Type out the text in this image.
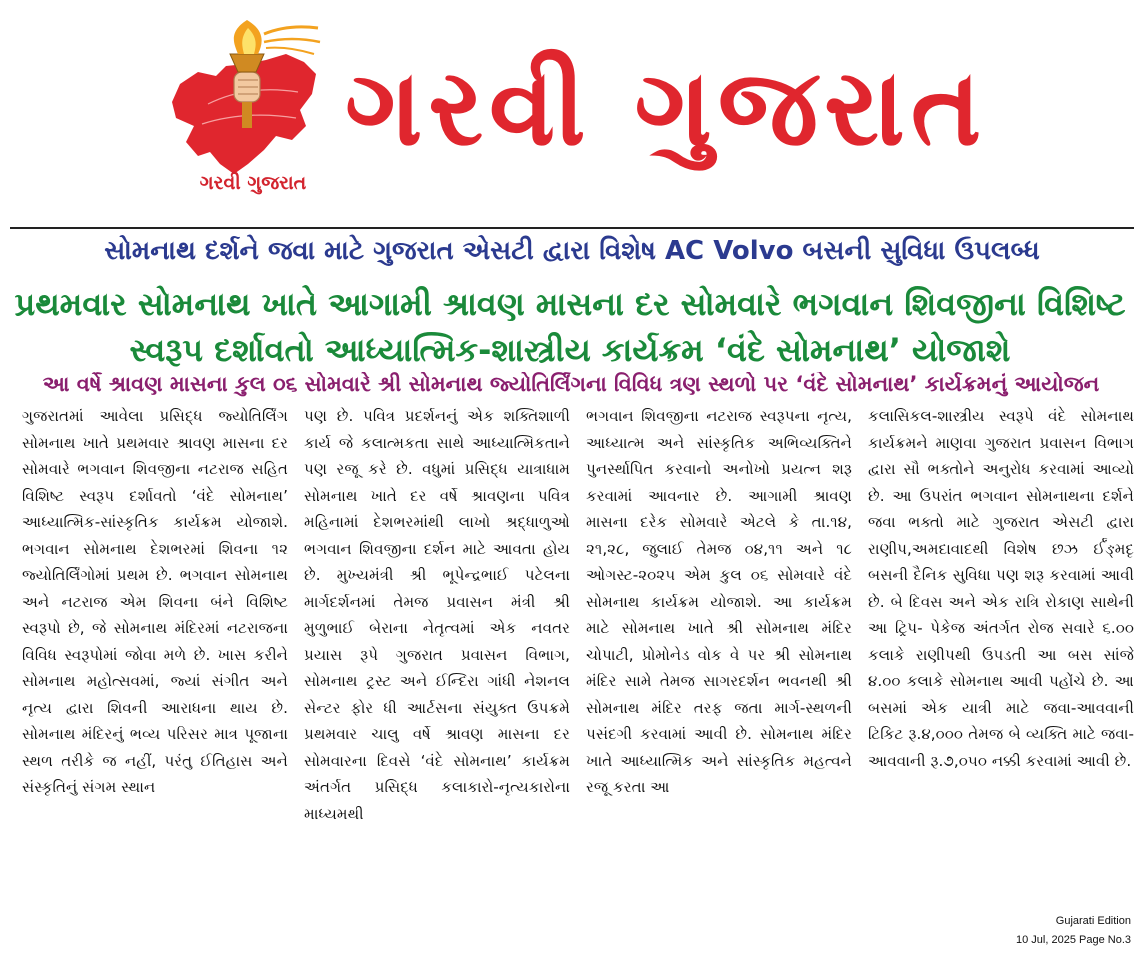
ગરવી ગુજરાત
ગરવી ગુજરાત
સોમનાથ દર્શને જવા માટે ગુજરાત એસટી દ્વારા વિશેષ AC Volvo બસની સુવિધા ઉપલબ્ધ
પ્રથમવાર સોમનાથ ખાતે આગામી શ્રાવણ માસના દર સોમવારે ભગવાન શિવજીના વિશિષ્ટ સ્વરૂપ દર્શાવતો આધ્યાત્મિક-શાસ્ત્રીય કાર્યક્રમ ‘વંદે સોમનાથ’ યોજાશે
આ વર્ષે શ્રાવણ માસના કુલ ૦૬ સોમવારે શ્રી સોમનાથ જ્યોતિર્લિંગના વિવિધ ત્રણ સ્થળો પર ‘વંદે સોમનાથ’ કાર્યક્રમનું આયોજન
ગુજરાતમાં આવેલા પ્રસિદ્ધ જ્યોતિર્લિંગ સોમનાથ ખાતે પ્રથમવાર શ્રાવણ માસના દર સોમવારે ભગવાન શિવજીના નટરાજ સહિત વિશિષ્ટ સ્વરૂપ દર્શાવતો ‘વંદે સોમનાથ’ આધ્યાત્મિક-સાંસ્કૃતિક કાર્યક્રમ યોજાશે. ભગવાન સોમનાથ દેશભરમાં શિવના ૧૨ જ્યોતિર્લિંગોમાં પ્રથમ છે. ભગવાન સોમનાથ અને નટરાજ એમ શિવના બંને વિશિષ્ટ સ્વરૂપો છે, જે સોમનાથ મંદિરમાં નટરાજના વિવિધ સ્વરૂપોમાં જોવા મળે છે. ખાસ કરીને સોમનાથ મહોત્સવમાં, જ્યાં સંગીત અને નૃત્ય દ્વારા શિવની આરાધના થાય છે. સોમનાથ મંદિરનું ભવ્ય પરિસર માત્ર પૂજાના સ્થળ તરીકે જ નહીં, પરંતુ ઈતિહાસ અને સંસ્કૃતિનું સંગમ સ્થાન
પણ છે. પવિત્ર પ્રદર્શનનું એક શક્તિશાળી કાર્ય જે કલાત્મકતા સાથે આધ્યાત્મિકતાને પણ રજૂ કરે છે. વધુમાં પ્રસિદ્ધ યાત્રાધામ સોમનાથ ખાતે દર વર્ષે શ્રાવણના પવિત્ર મહિનામાં દેશભરમાંથી લાખો શ્રદ્ધાળુઓ ભગવાન શિવજીના દર્શન માટે આવતા હોય છે. મુખ્યમંત્રી શ્રી ભૂપેન્દ્રભાઈ પટેલના માર્ગદર્શનમાં તેમજ પ્રવાસન મંત્રી શ્રી મુળુભાઈ બેરાના નેતૃત્વમાં એક નવતર પ્રયાસ રૂપે ગુજરાત પ્રવાસન વિભાગ, સોમનાથ ટ્રસ્ટ અને ઈન્દિરા ગાંધી નેશનલ સેન્ટર ફોર ધી આર્ટસના સંયુક્ત ઉપક્રમે પ્રથમવાર ચાલુ વર્ષે શ્રાવણ માસના દર સોમવારના દિવસે ‘વંદે સોમનાથ’ કાર્યક્રમ અંતર્ગત પ્રસિદ્ધ કલાકારો-નૃત્યકારોના માધ્યમથી
ભગવાન શિવજીના નટરાજ સ્વરૂપના નૃત્ય, આધ્યાત્મ અને સાંસ્કૃતિક અભિવ્યક્તિને પુનર્સ્થાપિત કરવાનો અનોખો પ્રયત્ન શરૂ કરવામાં આવનાર છે. આગામી શ્રાવણ માસના દરેક સોમવારે એટલે કે તા.૧૪, ૨૧,૨૮, જુલાઈ તેમજ ૦૪,૧૧ અને ૧૮ ઓગસ્ટ-૨૦૨૫ એમ કુલ ૦૬ સોમવારે વંદે સોમનાથ કાર્યક્રમ યોજાશે. આ કાર્યક્રમ માટે સોમનાથ ખાતે શ્રી સોમનાથ મંદિર ચોપાટી, પ્રોમોનેડ વોક વે પર શ્રી સોમનાથ મંદિર સામે તેમજ સાગરદર્શન ભવનથી શ્રી સોમનાથ મંદિર તરફ જતા માર્ગ-સ્થળની પસંદગી કરવામાં આવી છે. સોમનાથ મંદિર ખાતે આધ્યાત્મિક અને સાંસ્કૃતિક મહત્વને રજૂ કરતા આ
કલાસિકલ-શાસ્ત્રીય સ્વરૂપે વંદે સોમનાથ કાર્યક્રમને માણવા ગુજરાત પ્રવાસન વિભાગ દ્વારા સૌ ભક્તોને અનુરોધ કરવામાં આવ્યો છે. આ ઉપરાંત ભગવાન સોમનાથના દર્શને જવા ભક્તો માટે ગુજરાત એસટી દ્વારા રાણીપ,અમદાવાદથી વિશેષ છઝ ર્ઈંઙ્મદૃ બસની દૈનિક સુવિધા પણ શરૂ કરવામાં આવી છે. બે દિવસ અને એક રાત્રિ રોકાણ સાથેની આ ટ્રિપ- પેકેજ અંતર્ગત રોજ સવારે ૬.૦૦ કલાકે રાણીપથી ઉપડતી આ બસ સાંજે ૪.૦૦ કલાકે સોમનાથ આવી પહોંચે છે. આ બસમાં એક યાત્રી માટે જવા-આવવાની ટિકિટ રૂ.૪,૦૦૦ તેમજ બે વ્યક્તિ માટે જવા-આવવાની રૂ.૭,૦૫૦ નક્કી કરવામાં આવી છે.
Gujarati Edition
10 Jul, 2025 Page No.3
